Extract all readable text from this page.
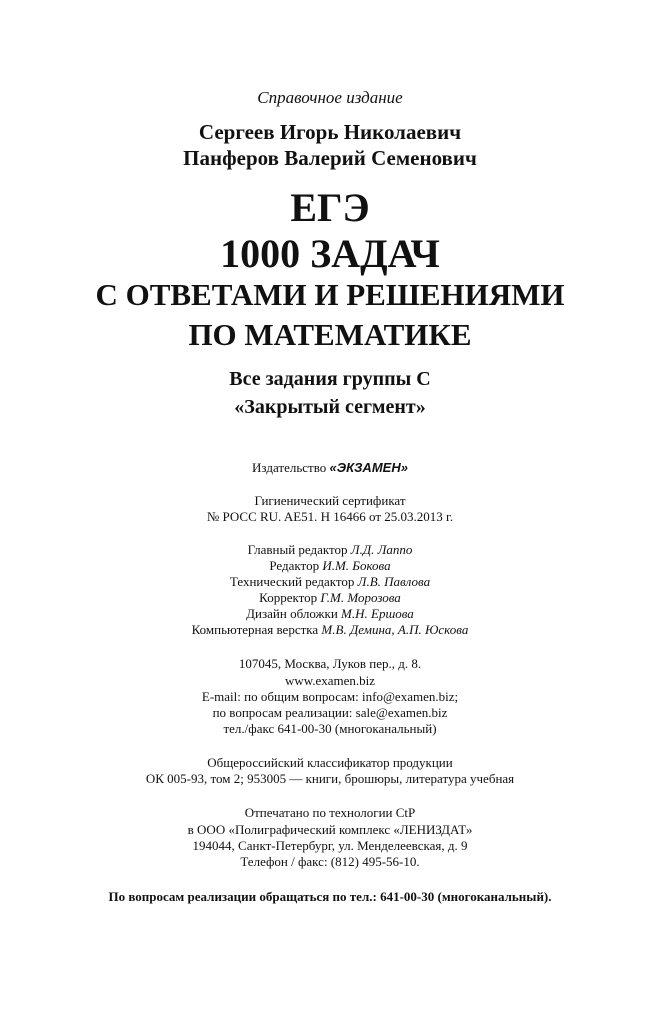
Справочное издание

Сергеев Игорь Николаевич

Панферов Валерий Семенович

ЕГЭ

1000 ЗАДАЧ

С ОТВЕТАМИ И РЕШЕНИЯМИ

ПО МАТЕМАТИКЕ

Все задания группы С

«Закрытый сегмент»

Издательство «ЭКЗАМЕН»

Гигиенический сертификат

№ РОСС RU. AE51. H 16466 от 25.03.2013 г.

Главный редактор Л.Д. Лаппо

Редактор И.М. Бокова

Технический редактор Л.В. Павлова

Корректор Г.М. Морозова

Дизайн обложки М.Н. Ершова

Компьютерная верстка М.В. Демина, А.П. Юскова

107045, Москва, Луков пер., д. 8.

www.examen.biz

E-mail: по общим вопросам: info@examen.biz;

по вопросам реализации: sale@examen.biz

тел./факс 641-00-30 (многоканальный)

Общероссийский классификатор продукции

ОК 005-93, том 2; 953005 — книги, брошюры, литература учебная

Отпечатано по технологии CtP

в ООО «Полиграфический комплекс «ЛЕНИЗДАТ»

194044, Санкт-Петербург, ул. Менделеевская, д. 9

Телефон / факс: (812) 495-56-10.

По вопросам реализации обращаться по тел.: 641-00-30 (многоканальный).
